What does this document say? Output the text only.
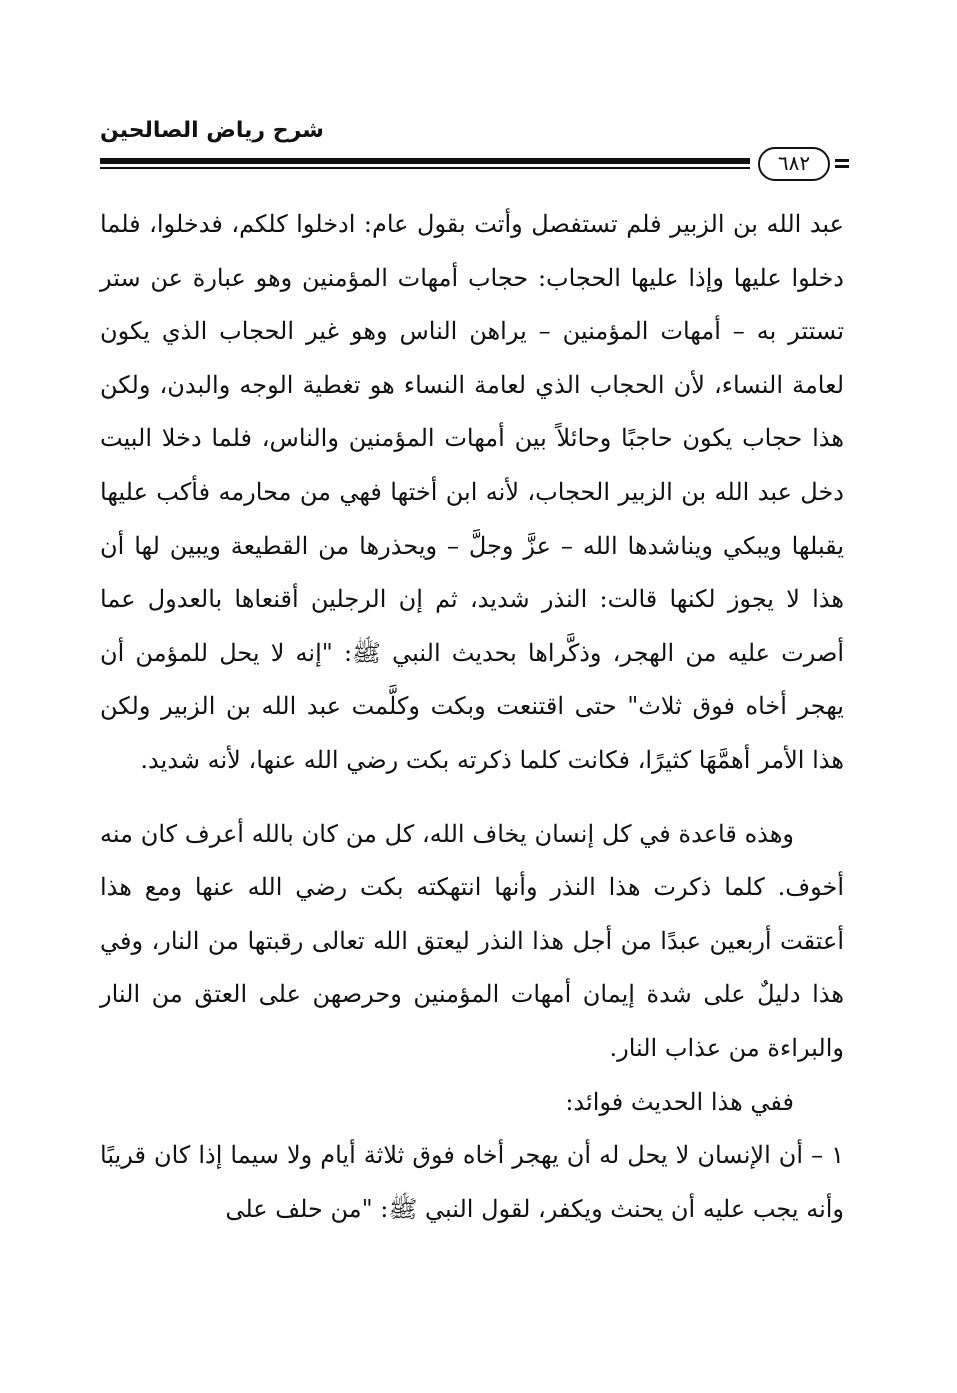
شرح رياض الصالحين
٦٨٢

عبد الله بن الزبير فلم تستفصل وأتت بقول عام: ادخلوا كلكم، فدخلوا، فلما دخلوا عليها وإذا عليها الحجاب: حجاب أمهات المؤمنين وهو عبارة عن ستر تستتر به – أمهات المؤمنين – يراهن الناس وهو غير الحجاب الذي يكون لعامة النساء، لأن الحجاب الذي لعامة النساء هو تغطية الوجه والبدن، ولكن هذا حجاب يكون حاجبًا وحائلاً بين أمهات المؤمنين والناس، فلما دخلا البيت دخل عبد الله بن الزبير الحجاب، لأنه ابن أختها فهي من محارمه فأكب عليها يقبلها ويبكي ويناشدها الله – عزَّ وجلَّ – ويحذرها من القطيعة ويبين لها أن هذا لا يجوز لكنها قالت: النذر شديد، ثم إن الرجلين أقنعاها بالعدول عما أصرت عليه من الهجر، وذكَّراها بحديث النبي ﷺ: "إنه لا يحل للمؤمن أن يهجر أخاه فوق ثلاث" حتى اقتنعت وبكت وكلَّمت عبد الله بن الزبير ولكن هذا الأمر أهمَّهَا كثيرًا، فكانت كلما ذكرته بكت رضي الله عنها، لأنه شديد.

وهذه قاعدة في كل إنسان يخاف الله، كل من كان بالله أعرف كان منه أخوف. كلما ذكرت هذا النذر وأنها انتهكته بكت رضي الله عنها ومع هذا أعتقت أربعين عبدًا من أجل هذا النذر ليعتق الله تعالى رقبتها من النار، وفي هذا دليلٌ على شدة إيمان أمهات المؤمنين وحرصهن على العتق من النار والبراءة من عذاب النار.

ففي هذا الحديث فوائد:

١ – أن الإنسان لا يحل له أن يهجر أخاه فوق ثلاثة أيام ولا سيما إذا كان قريبًا وأنه يجب عليه أن يحنث ويكفر، لقول النبي ﷺ: "من حلف على
